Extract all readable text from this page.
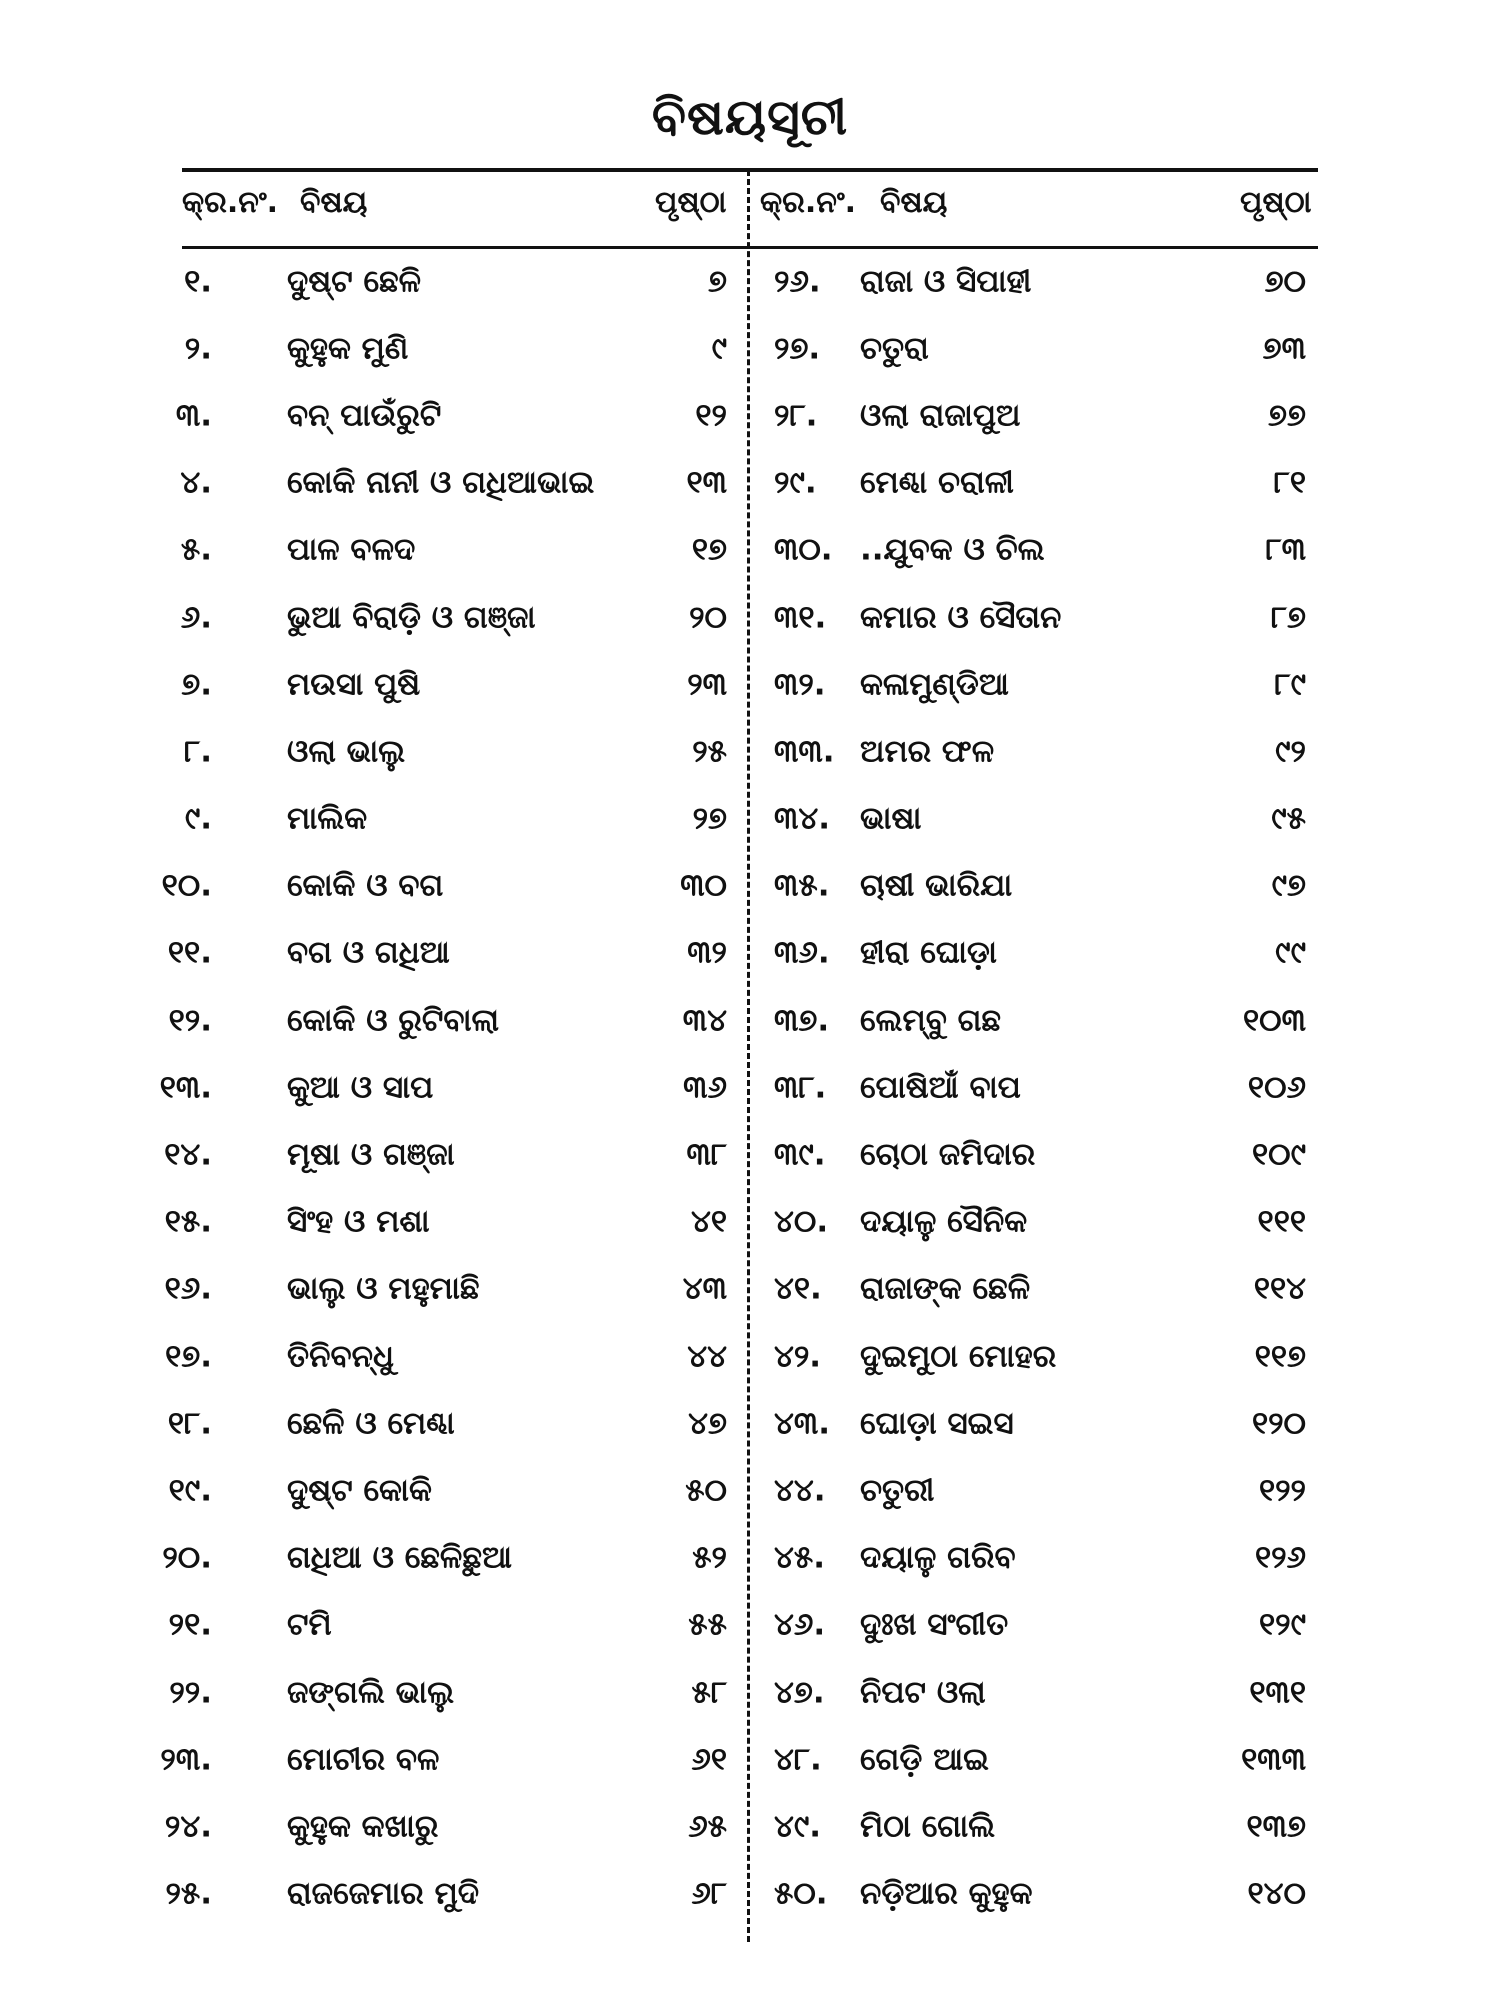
ବିଷୟସୂଚୀ
କ୍ର.ନଂ. ବିଷୟ	ପୃଷ୍ଠା କ୍ର.ନଂ. ବିଷୟ	ପୃଷ୍ଠା
୧. ଦୁଷ୍ଟ ଛେଳି	୭
୨. କୁହୁକ ମୁଣି	୯
୩. ବନ୍ ପାଉଁରୁଟି	୧୨
୪. କୋକି ନାନୀ ଓ ଗଧିଆଭାଇ	୧୩
୫. ପାଳ ବଳଦ	୧୭
୬. ଭୁଆ ବିରାଡ଼ି ଓ ଗଞ୍ଜା	୨୦
୭. ମଉସା ପୁଷି	୨୩
୮. ଓଲା ଭାଲୁ	୨୫
୯. ମାଲିକ	୨୭
୧୦. କୋକି ଓ ବଗ	୩୦
୧୧. ବଗ ଓ ଗଧିଆ	୩୨
୧୨. କୋକି ଓ ରୁଟିବାଲା	୩୪
୧୩. କୁଆ ଓ ସାପ	୩୬
୧୪. ମୂଷା ଓ ଗଞ୍ଜା	୩୮
୧୫. ସିଂହ ଓ ମଶା	୪୧
୧୬. ଭାଲୁ ଓ ମହୁମାଛି	୪୩
୧୭. ତିନିବନ୍ଧୁ	୪୪
୧୮. ଛେଳି ଓ ମେଣ୍ଢା	୪୭
୧୯. ଦୁଷ୍ଟ କୋକି	୫୦
୨୦. ଗଧିଆ ଓ ଛେଳିଛୁଆ	୫୨
୨୧. ଟମି	୫୫
୨୨. ଜଙ୍ଗଲି ଭାଲୁ	୫୮
୨୩. ମୋଚୀର ବଳ	୬୧
୨୪. କୁହୁକ କଖାରୁ	୬୫
୨୫. ରାଜଜେମାର ମୁଦି	୬୮
୨୬. ରାଜା ଓ ସିପାହୀ	୭୦
୨୭. ଚତୁରା	୭୩
୨୮. ଓଲା ରାଜାପୁଅ	୭୭
୨୯. ମେଣ୍ଢା ଚରାଳୀ	୮୧
୩୦. ..ଯୁବକ ଓ ଚିଲ	୮୩
୩୧. କମାର ଓ ସୈତାନ	୮୭
୩୨. କଳାମୁଣ୍ଡିଆ	୮୯
୩୩. ଅମର ଫଳ	୯୨
୩୪. ଭାଷା	୯୫
୩୫. ଚାଷୀ ଭାରିଯା	୯୭
୩୬. ହୀରା ଘୋଡ଼ା	୯୯
୩୭. ଲେମ୍ବୁ ଗଛ	୧୦୩
୩୮. ପୋଷିଆଁ ବାପ	୧୦୬
୩୯. ଚୋଠା ଜମିଦାର	୧୦୯
୪୦. ଦୟାଳୁ ସୈନିକ	୧୧୧
୪୧. ରାଜାଙ୍କ ଛେଳି	୧୧୪
୪୨. ଦୁଇମୁଠା ମୋହର	୧୧୭
୪୩. ଘୋଡ଼ା ସଇସ	୧୨୦
୪୪. ଚତୁରୀ	୧୨୨
୪୫. ଦୟାଳୁ ଗରିବ	୧୨୬
୪୬. ଦୁଃଖ ସଂଗୀତ	୧୨୯
୪୭. ନିପଟ ଓଲା	୧୩୧
୪୮. ଗେଡ଼ି ଆଇ	୧୩୩
୪୯. ମିଠା ଗୋଲି	୧୩୭
୫୦. ନଡ଼ିଆର କୁହୁକ	୧୪୦
